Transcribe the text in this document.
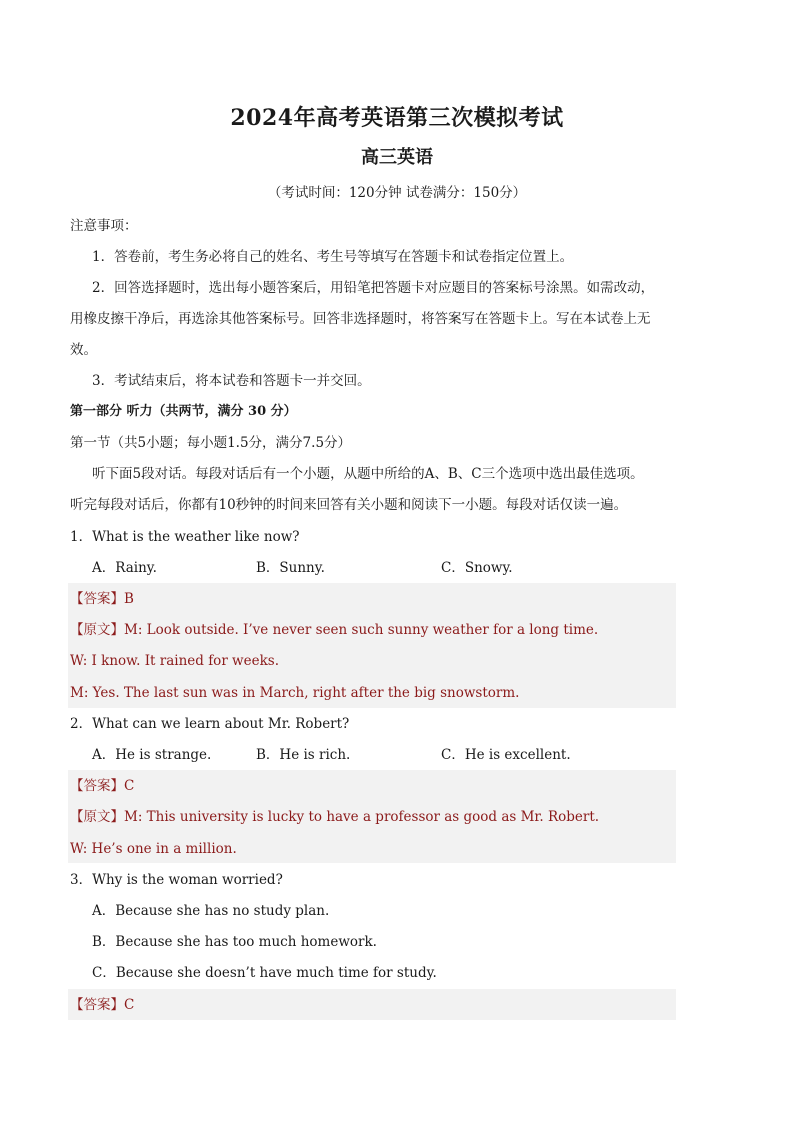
2024年高考英语第三次模拟考试
高三英语
（考试时间：120分钟 试卷满分：150分）
注意事项：
1．答卷前，考生务必将自己的姓名、考生号等填写在答题卡和试卷指定位置上。
2．回答选择题时，选出每小题答案后，用铅笔把答题卡对应题目的答案标号涂黑。如需改动，
用橡皮擦干净后，再选涂其他答案标号。回答非选择题时，将答案写在答题卡上。写在本试卷上无
效。
3．考试结束后，将本试卷和答题卡一并交回。
第一部分 听力（共两节，满分 30 分）
第一节（共5小题；每小题1.5分，满分7.5分）
听下面5段对话。每段对话后有一个小题，从题中所给的A、B、C三个选项中选出最佳选项。
听完每段对话后，你都有10秒钟的时间来回答有关小题和阅读下一小题。每段对话仅读一遍。
1．What is the weather like now?
A．Rainy.	B．Sunny.	C．Snowy.
【答案】B
【原文】M: Look outside. I’ve never seen such sunny weather for a long time.
W: I know. It rained for weeks.
M: Yes. The last sun was in March, right after the big snowstorm.
2．What can we learn about Mr. Robert?
A．He is strange.	B．He is rich.	C．He is excellent.
【答案】C
【原文】M: This university is lucky to have a professor as good as Mr. Robert.
W: He’s one in a million.
3．Why is the woman worried?
A．Because she has no study plan.
B．Because she has too much homework.
C．Because she doesn’t have much time for study.
【答案】C
